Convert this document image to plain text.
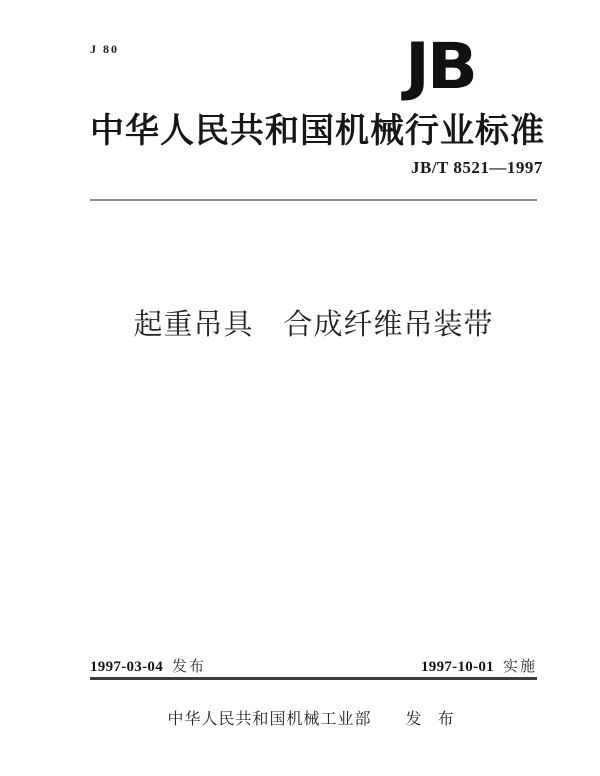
J 80	JB
中华人民共和国机械行业标准
JB/T 8521—1997
起重吊具　合成纤维吊装带
1997-03-04 发布	1997-10-01 实施
中华人民共和国机械工业部 发 布
